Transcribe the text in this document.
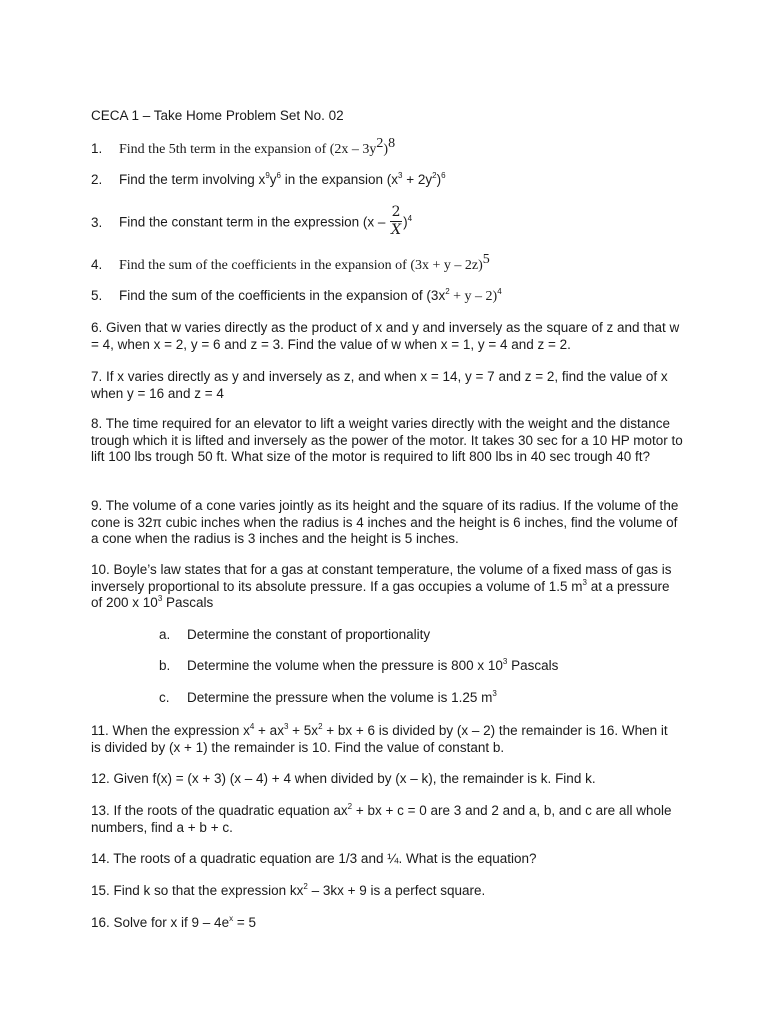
CECA 1 – Take Home Problem Set No. 02
1. Find the 5th term in the expansion of $(2x - 3y^2)^8$
2. Find the term involving $x^9y^6$ in the expansion $(x^3 + 2y^2)^6$
3. Find the constant term in the expression $(x - \frac{2}{X} )^4$
4. Find the sum of the coefficients in the expansion of $(3x + y - 2z)^5$
5. Find the sum of the coefficients in the expansion of $(3x^2 + y - 2)^4$
6. Given that w varies directly as the product of x and y and inversely as the square of z and that w = 4, when x = 2, y = 6 and z = 3. Find the value of w when x = 1, y = 4 and z = 2.
7. If x varies directly as y and inversely as z, and when x = 14, y = 7 and z = 2, find the value of x when y = 16 and z = 4
8. The time required for an elevator to lift a weight varies directly with the weight and the distance trough which it is lifted and inversely as the power of the motor. It takes 30 sec for a 10 HP motor to lift 100 lbs trough 50 ft. What size of the motor is required to lift 800 lbs in 40 sec trough 40 ft?
9. The volume of a cone varies jointly as its height and the square of its radius. If the volume of the cone is 32π cubic inches when the radius is 4 inches and the height is 6 inches, find the volume of a cone when the radius is 3 inches and the height is 5 inches.
10. Boyle’s law states that for a gas at constant temperature, the volume of a fixed mass of gas is inversely proportional to its absolute pressure. If a gas occupies a volume of 1.5 $m^3$ at a pressure of 200 x $10^3$ Pascals
a. Determine the constant of proportionality
b. Determine the volume when the pressure is 800 x $10^3$ Pascals
c. Determine the pressure when the volume is 1.25 $m^3$
11. When the expression $x^4 + ax^3 + 5x^2$ + bx + 6 is divided by (x – 2) the remainder is 16. When it is divided by (x + 1) the remainder is 10. Find the value of constant b.
12. Given f(x) = (x + 3) (x – 4) + 4 when divided by (x – k), the remainder is k. Find k.
13. If the roots of the quadratic equation $ax^2$ + bx + c = 0 are 3 and 2 and a, b, and c are all whole numbers, find a + b + c.
14. The roots of a quadratic equation are 1/3 and ¼. What is the equation?
15. Find k so that the expression $kx^2 - 3kx + 9$ is a perfect square.
16. Solve for x if $9 - 4e^x = 5$
